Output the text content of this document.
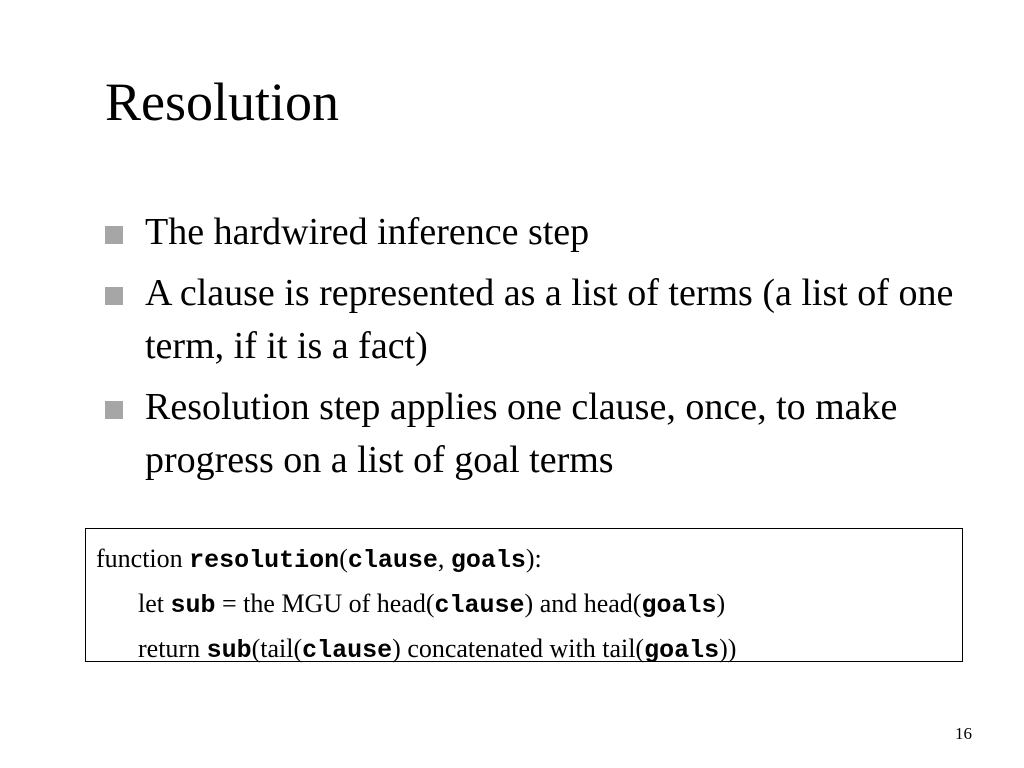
Resolution
The hardwired inference step
A clause is represented as a list of terms (a list of one term, if it is a fact)
Resolution step applies one clause, once, to make progress on a list of goal terms
function resolution(clause, goals):
let sub = the MGU of head(clause) and head(goals)
return sub(tail(clause) concatenated with tail(goals))
16
